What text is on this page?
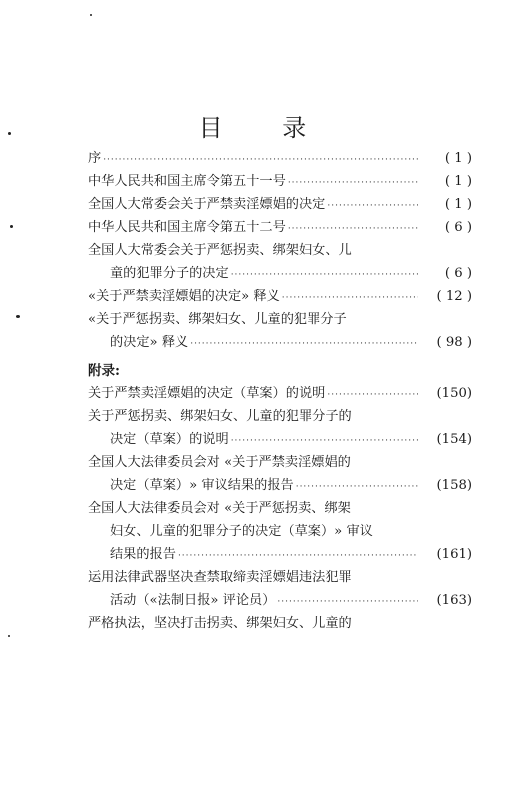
目 录
序 ·····	( 1 )
中华人民共和国主席令第五十一号 ·····	( 1 )
全国人大常委会关于严禁卖淫嫖娼的决定 ·····	( 1 )
中华人民共和国主席令第五十二号 ·····	( 6 )
全国人大常委会关于严惩拐卖、绑架妇女、儿
童的犯罪分子的决定 ·····	( 6 )
«关于严禁卖淫嫖娼的决定» 释义 ·····	( 12 )
«关于严惩拐卖、绑架妇女、儿童的犯罪分子
的决定» 释义 ·····	( 98 )
附录:
关于严禁卖淫嫖娼的决定（草案）的说明 ·····	(150)
关于严惩拐卖、绑架妇女、儿童的犯罪分子的
决定（草案）的说明 ·····	(154)
全国人大法律委员会对 «关于严禁卖淫嫖娼的
决定（草案）» 审议结果的报告 ·····	(158)
全国人大法律委员会对 «关于严惩拐卖、绑架
妇女、儿童的犯罪分子的决定（草案）» 审议
结果的报告 ·····	(161)
运用法律武器坚决查禁取缔卖淫嫖娼违法犯罪
活动（«法制日报» 评论员） ·····	(163)
严格执法，坚决打击拐卖、绑架妇女、儿童的
